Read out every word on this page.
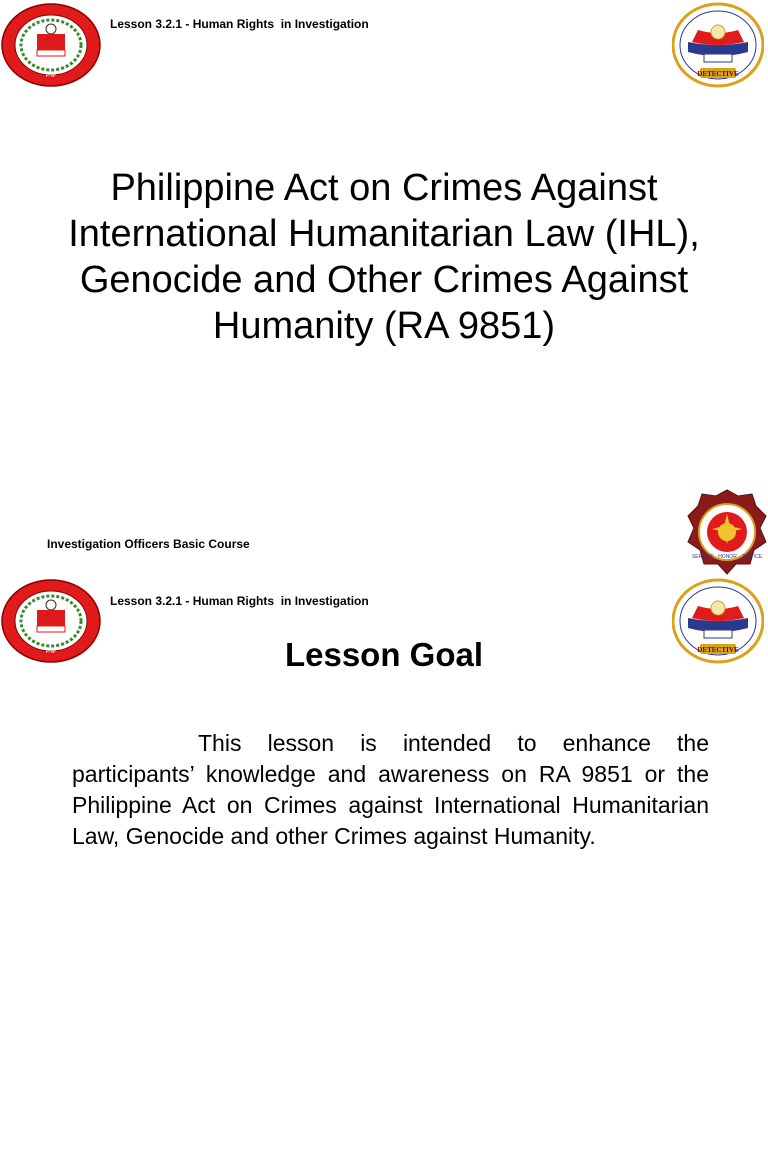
PNP
Lesson 3.2.1 - Human Rights  in Investigation
DETECTIVE
Philippine Act on Crimes Against International Humanitarian Law (IHL), Genocide and Other Crimes Against Humanity (RA 9851)
Investigation Officers Basic Course
SERVICE · HONOR · JUSTICE
PNP
Lesson 3.2.1 - Human Rights  in Investigation
DETECTIVE
Lesson Goal

This lesson is intended to enhance the participants’ knowledge and awareness on RA 9851 or the Philippine Act on Crimes against International Humanitarian Law, Genocide and other Crimes against Humanity.
